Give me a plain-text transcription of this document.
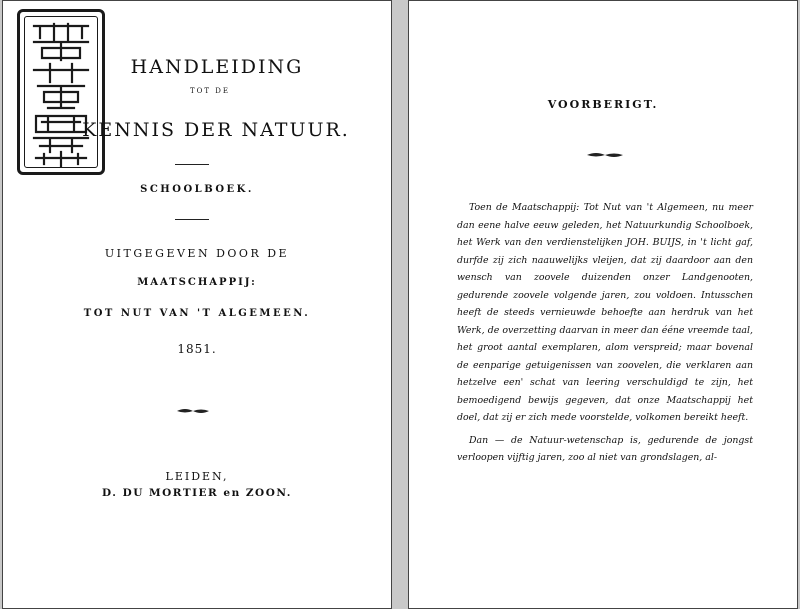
HANDLEIDING
TOT DE
KENNIS DER NATUUR.
SCHOOLBOEK.
UITGEGEVEN DOOR DE
MAATSCHAPPIJ:
TOT NUT VAN 'T ALGEMEEN.
1851.
LEIDEN,
D. DU MORTIER en ZOON.
VOORBERIGT.

Toen de Maatschappij: Tot Nut van 't Algemeen, nu meer dan eene halve eeuw geleden, het Natuurkundig Schoolboek, het Werk van den verdienstelijken JOH. BUIJS, in 't licht gaf, durfde zij zich naauwelijks vleijen, dat zij daardoor aan den wensch van zoovele duizenden onzer Landgenooten, gedurende zoovele volgende jaren, zou voldoen. Intusschen heeft de steeds vernieuwde behoefte aan herdruk van het Werk, de overzetting daarvan in meer dan ééne vreemde taal, het groot aantal exemplaren, alom verspreid; maar bovenal de eenparige getuigenissen van zoovelen, die verklaren aan hetzelve een' schat van leering verschuldigd te zijn, het bemoedigend bewijs gegeven, dat onze Maatschappij het doel, dat zij er zich mede voorstelde, volkomen bereikt heeft.

Dan — de Natuur-wetenschap is, gedurende de jongst verloopen vijftig jaren, zoo al niet van grondslagen, al-
